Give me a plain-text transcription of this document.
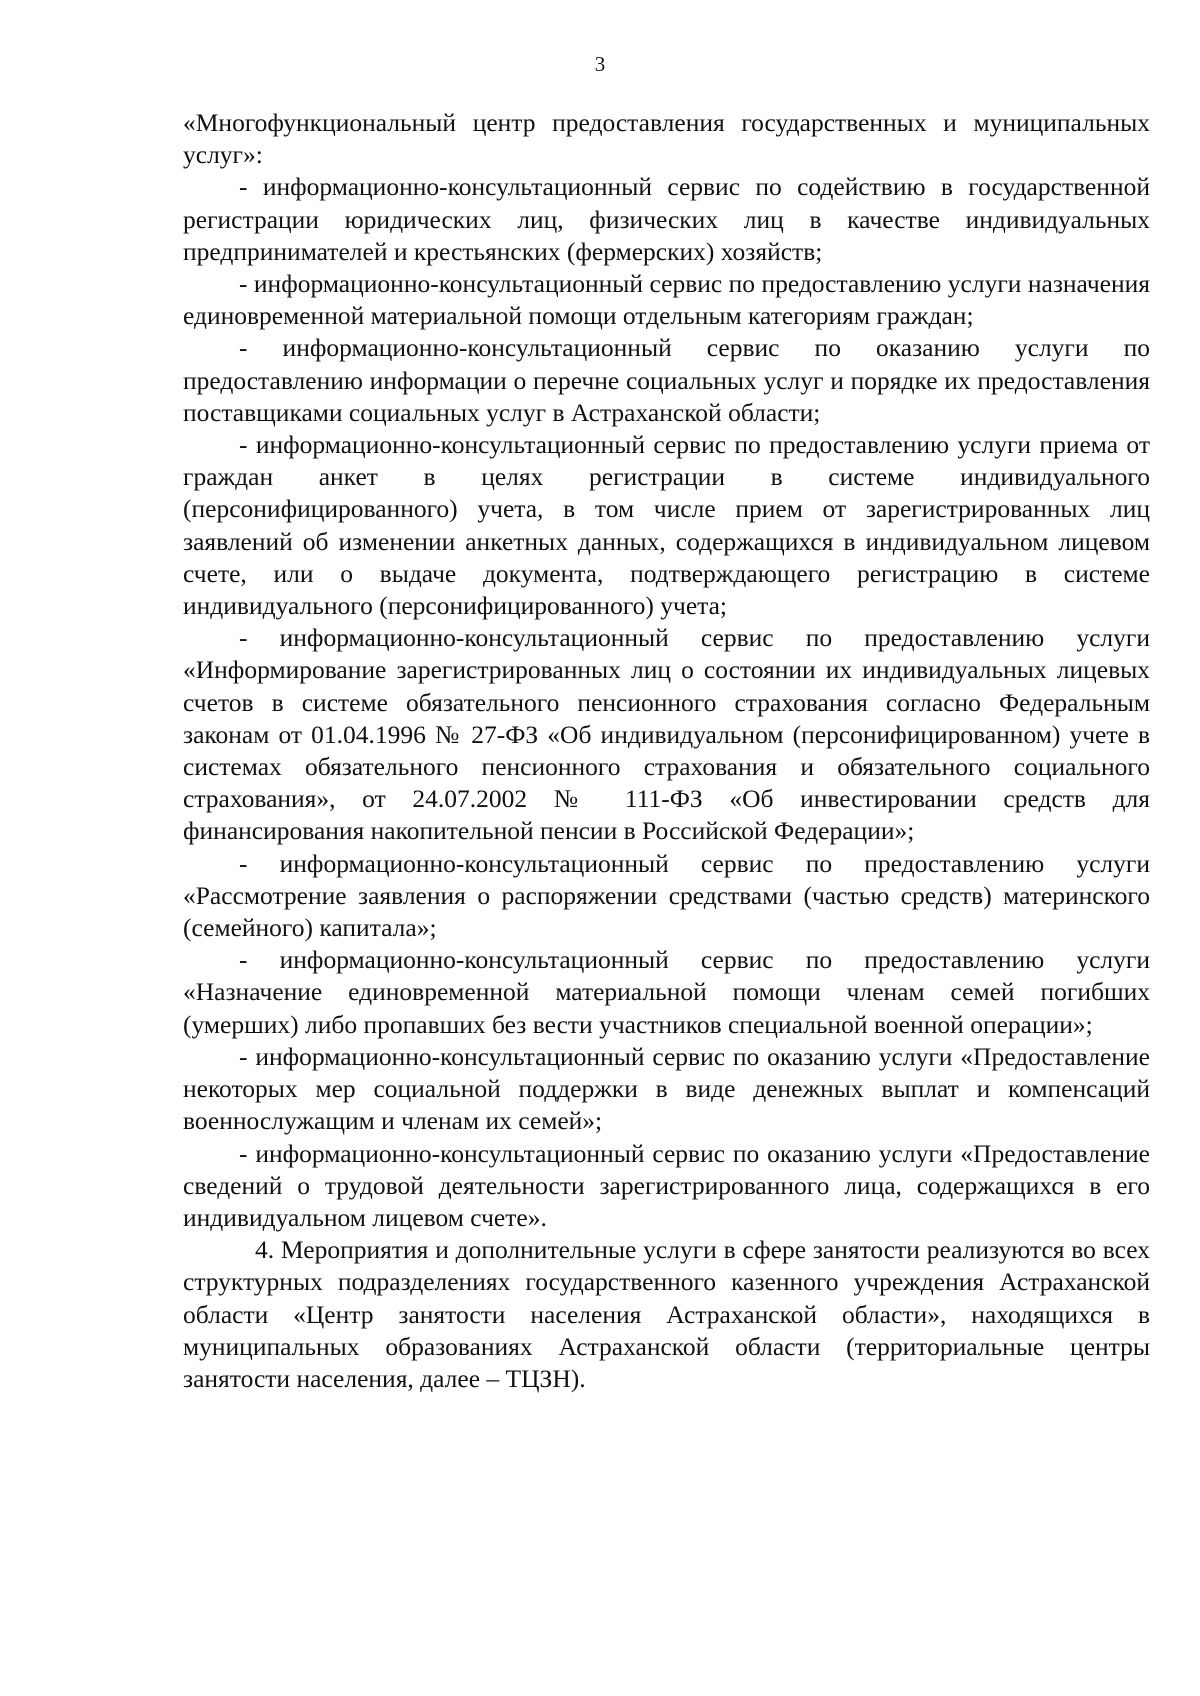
3

«Многофункциональный центр предоставления государственных и муниципальных услуг»:

- информационно-консультационный сервис по содействию в государственной регистрации юридических лиц, физических лиц в качестве индивидуальных предпринимателей и крестьянских (фермерских) хозяйств;

- информационно-консультационный сервис по предоставлению услуги назначения единовременной материальной помощи отдельным категориям граждан;

- информационно-консультационный сервис по оказанию услуги по предоставлению информации о перечне социальных услуг и порядке их предоставления поставщиками социальных услуг в Астраханской области;

- информационно-консультационный сервис по предоставлению услуги приема от граждан анкет в целях регистрации в системе индивидуального (персонифицированного) учета, в том числе прием от зарегистрированных лиц заявлений об изменении анкетных данных, содержащихся в индивидуальном лицевом счете, или о выдаче документа, подтверждающего регистрацию в системе индивидуального (персонифицированного) учета;

- информационно-консультационный сервис по предоставлению услуги «Информирование зарегистрированных лиц о состоянии их индивидуальных лицевых счетов в системе обязательного пенсионного страхования согласно Федеральным законам от 01.04.1996 № 27-ФЗ «Об индивидуальном (персонифицированном) учете в системах обязательного пенсионного страхования и обязательного социального страхования», от 24.07.2002 № 111-ФЗ «Об инвестировании средств для финансирования накопительной пенсии в Российской Федерации»;

- информационно-консультационный сервис по предоставлению услуги «Рассмотрение заявления о распоряжении средствами (частью средств) материнского (семейного) капитала»;

- информационно-консультационный сервис по предоставлению услуги «Назначение единовременной материальной помощи членам семей погибших (умерших) либо пропавших без вести участников специальной военной операции»;

- информационно-консультационный сервис по оказанию услуги «Предоставление некоторых мер социальной поддержки в виде денежных выплат и компенсаций военнослужащим и членам их семей»;

- информационно-консультационный сервис по оказанию услуги «Предоставление сведений о трудовой деятельности зарегистрированного лица, содержащихся в его индивидуальном лицевом счете».

4. Мероприятия и дополнительные услуги в сфере занятости реализуются во всех структурных подразделениях государственного казенного учреждения Астраханской области «Центр занятости населения Астраханской области», находящихся в муниципальных образованиях Астраханской области (территориальные центры занятости населения, далее – ТЦЗН).
